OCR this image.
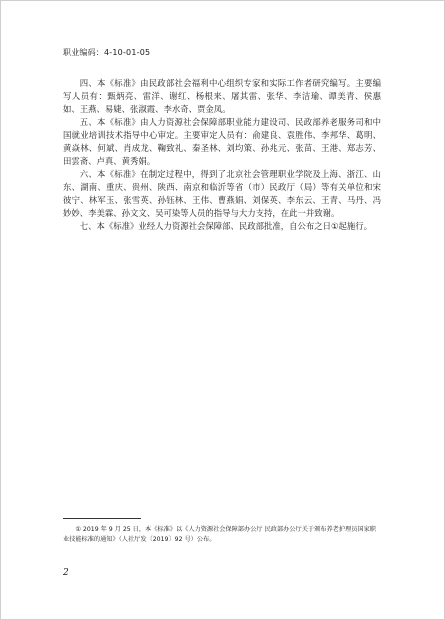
职业编码：4-10-01-05

四、本《标准》由民政部社会福利中心组织专家和实际工作者研究编写。主要编写人员有：甄炳亮、雷洋、谢红、杨根来、屠其雷、张华、李洁瑜、谭美青、侯惠如、王燕、易婕、张淑霞、李水奇、贾金凤。

五、本《标准》由人力资源社会保障部职业能力建设司、民政部养老服务司和中国就业培训技术指导中心审定。主要审定人员有：俞建良、袁胜伟、李邦华、葛明、黄焱林、何斌、肖成龙、鞠致礼、秦圣林、刘均策、孙兆元、张苗、王港、郑志芳、田雲斋、卢真、黄秀娟。

六、本《标准》在制定过程中，得到了北京社会管理职业学院及上海、浙江、山东、湖南、重庆、贵州、陕西、南京和临沂等省（市）民政厅（局）等有关单位和宋彼宁、林军玉、张雪英、孙钰林、王伟、曹燕娟、刘保英、李东云、王青、马丹、冯妙妙、李美霖、孙文文、吴可染等人员的指导与大力支持，在此一并致谢。

七、本《标准》业经人力资源社会保障部、民政部批准，自公布之日①起施行。

① 2019 年 9 月 25 日，本《标准》以《人力资源社会保障部办公厅 民政部办公厅关于颁布养老护理员国家职业技能标准的通知》（人社厅发〔2019〕92 号）公布。
2
